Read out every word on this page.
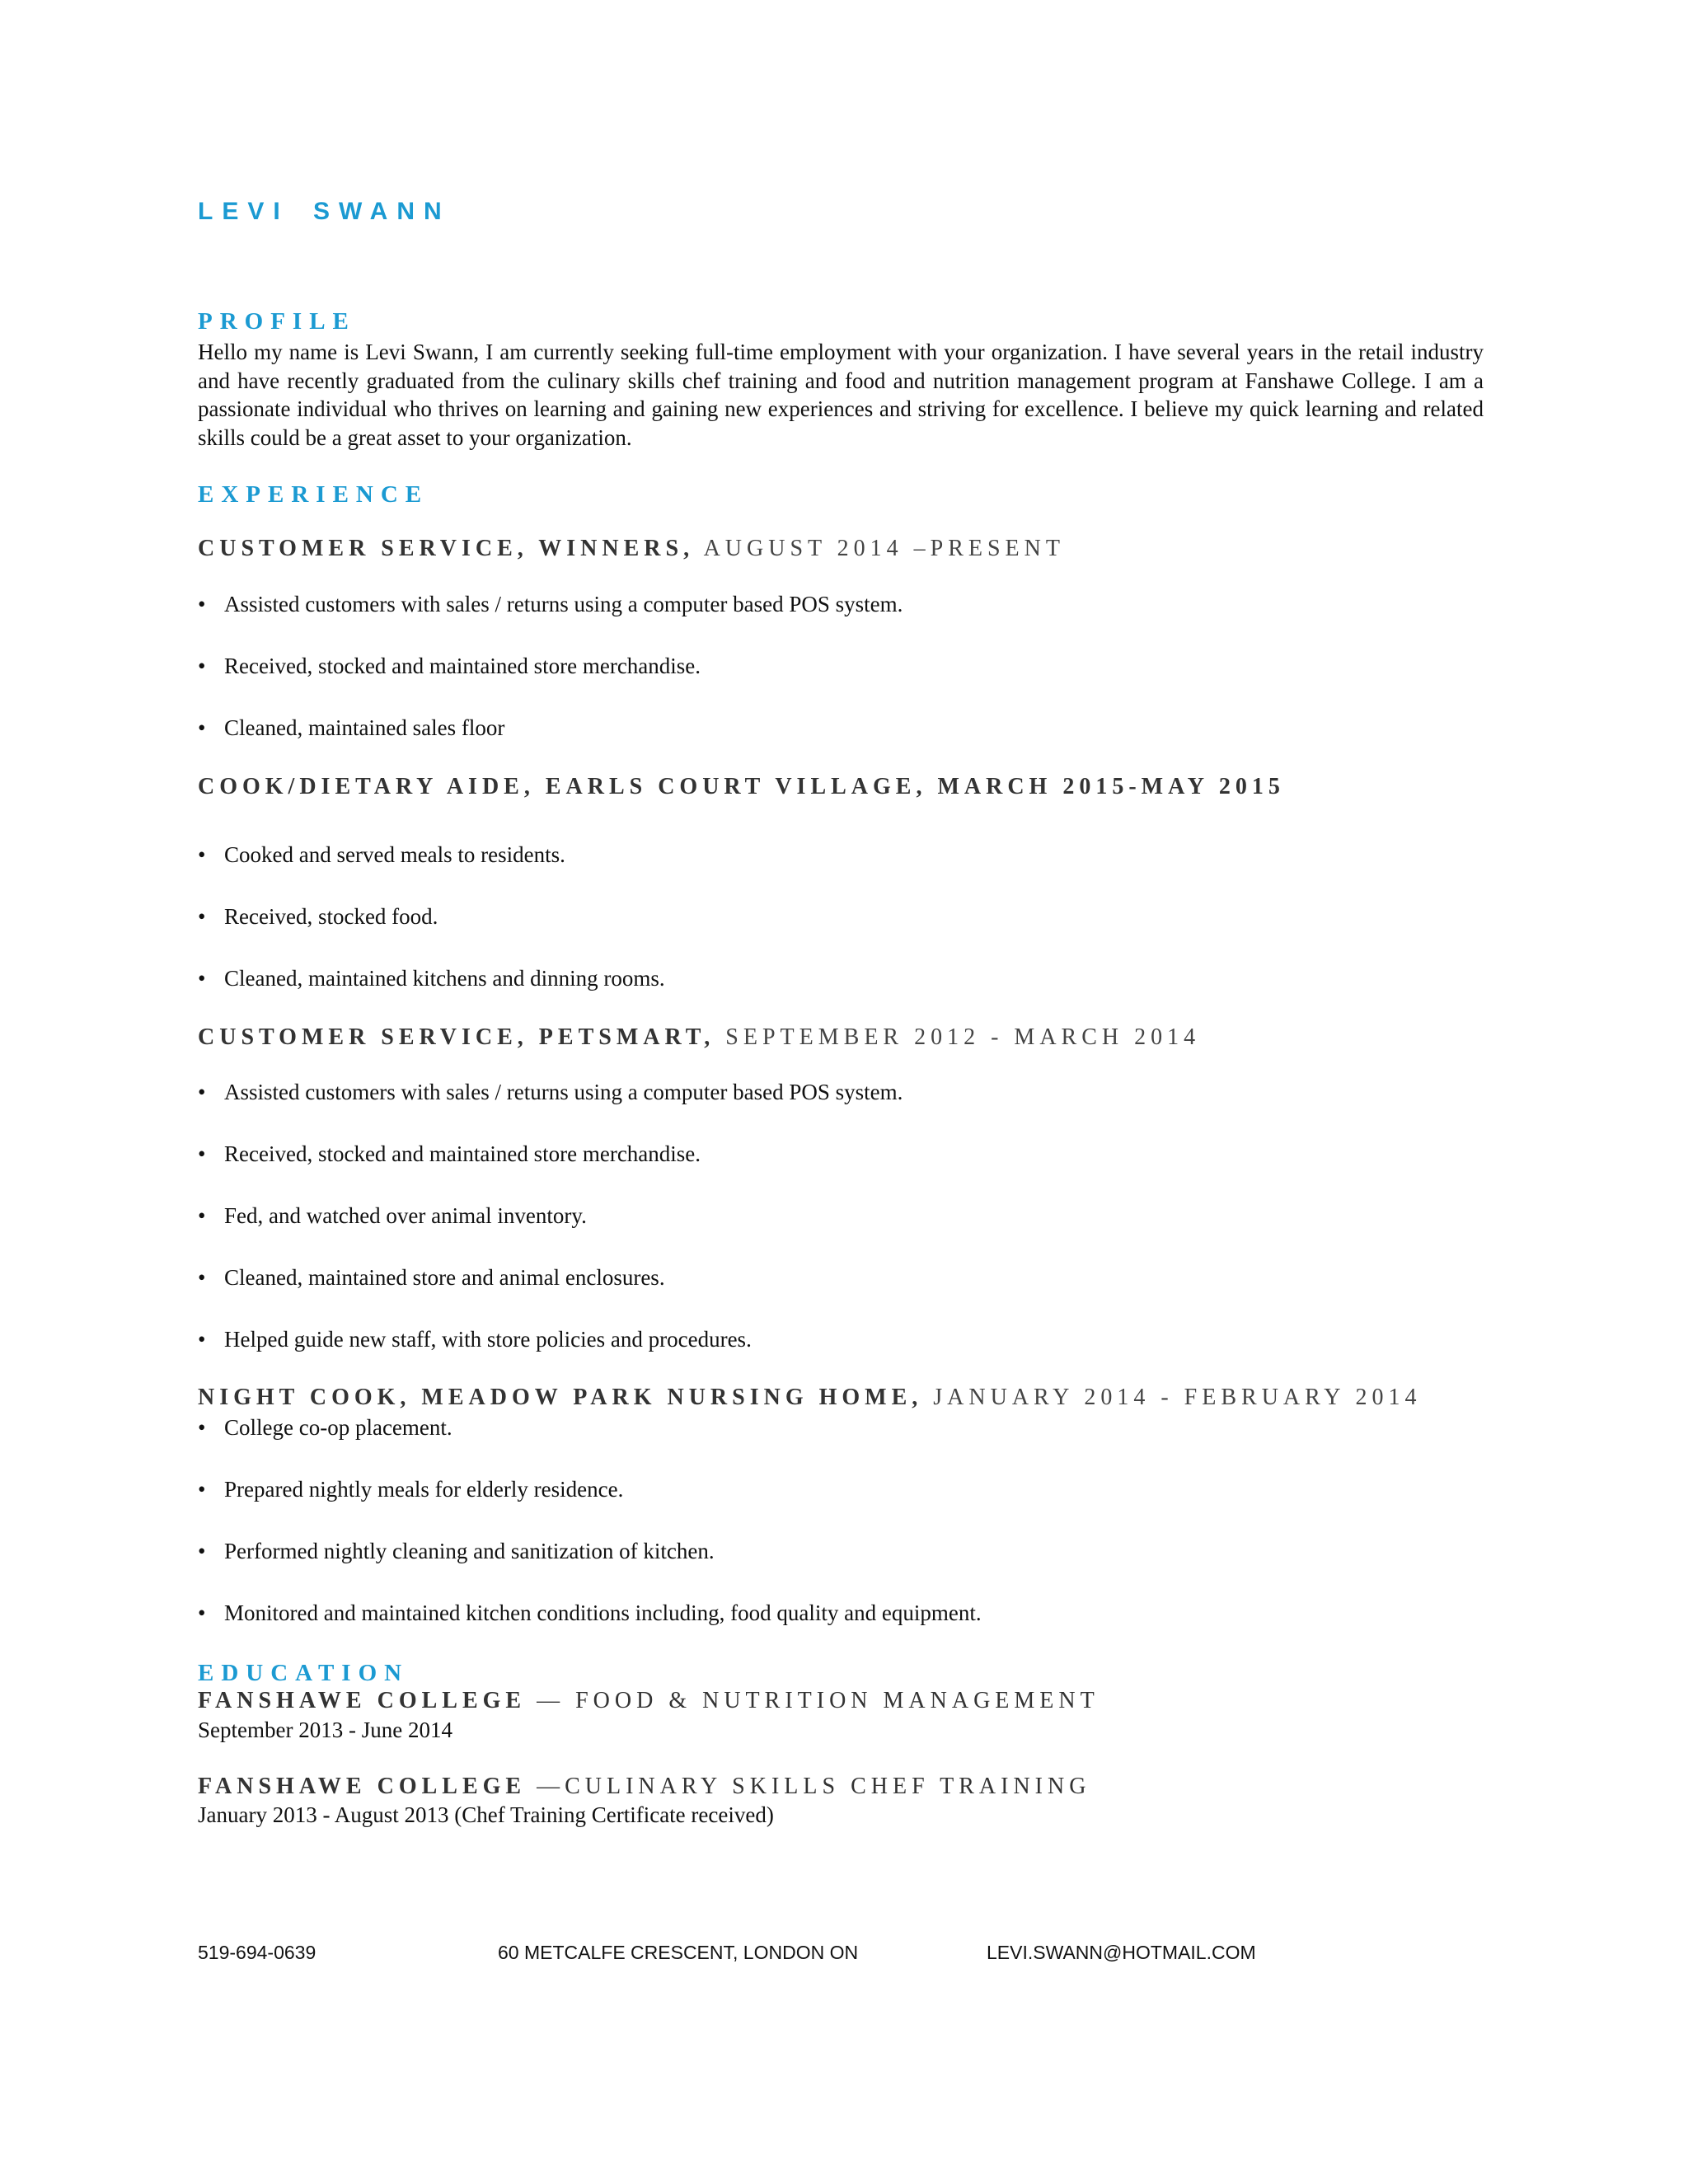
LEVI SWANN
PROFILE
Hello my name is Levi Swann, I am currently seeking full-time employment with your organization. I have several years in the retail industry and have recently graduated from the culinary skills chef training and food and nutrition management program at Fanshawe College. I am a passionate individual who thrives on learning and gaining new experiences and striving for excellence. I believe my quick learning and related skills could be a great asset to your organization.
EXPERIENCE
CUSTOMER SERVICE, WINNERS, AUGUST 2014 –PRESENT
• Assisted customers with sales / returns using a computer based POS system.
• Received, stocked and maintained store merchandise.
• Cleaned, maintained sales floor
COOK/DIETARY AIDE, EARLS COURT VILLAGE, MARCH 2015-MAY 2015
• Cooked and served meals to residents.
• Received, stocked food.
• Cleaned, maintained kitchens and dinning rooms.
CUSTOMER SERVICE, PETSMART, SEPTEMBER 2012 - MARCH 2014
• Assisted customers with sales / returns using a computer based POS system.
• Received, stocked and maintained store merchandise.
• Fed, and watched over animal inventory.
• Cleaned, maintained store and animal enclosures.
• Helped guide new staff, with store policies and procedures.
NIGHT COOK, MEADOW PARK NURSING HOME, JANUARY 2014 - FEBRUARY 2014
• College co-op placement.
• Prepared nightly meals for elderly residence.
• Performed nightly cleaning and sanitization of kitchen.
• Monitored and maintained kitchen conditions including, food quality and equipment.
EDUCATION
FANSHAWE COLLEGE — FOOD & NUTRITION MANAGEMENT
September 2013 - June 2014
FANSHAWE COLLEGE —CULINARY SKILLS CHEF TRAINING
January 2013 - August 2013 (Chef Training Certificate received)
519-694-0639	60 METCALFE CRESCENT, LONDON ON	LEVI.SWANN@HOTMAIL.COM
